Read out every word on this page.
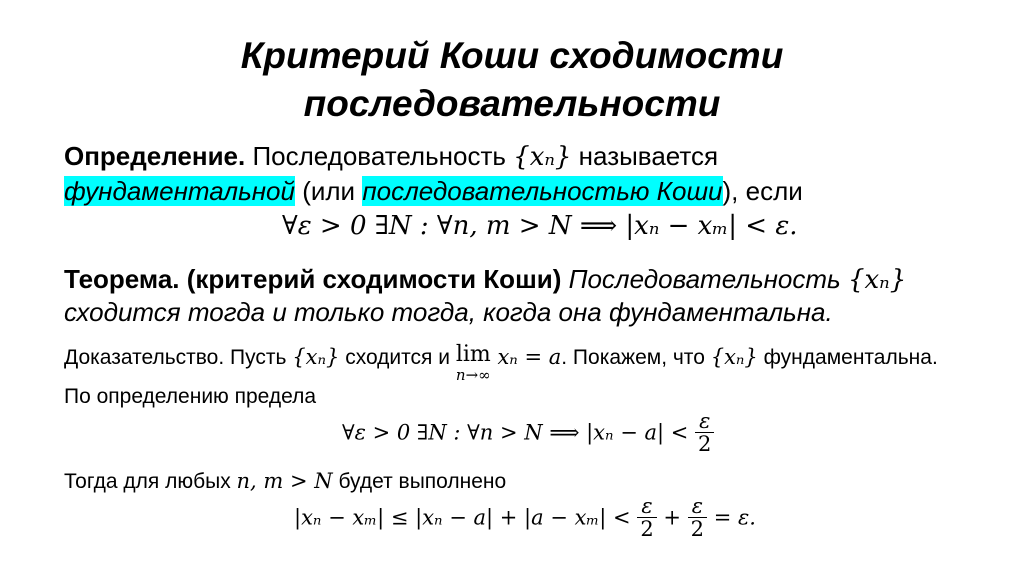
Критерий Коши сходимости
последовательности
Определение. Последовательность {xₙ} называется
фундаментальной (или последовательностью Коши), если
∀ε > 0 ∃N : ∀n, m > N ⟹ |xₙ − xₘ| < ε.
Теорема. (критерий сходимости Коши) Последовательность {xₙ}
сходится тогда и только тогда, когда она фундаментальна.
Доказательство. Пусть {xₙ} сходится и lim
n→∞
xₙ = a. Покажем, что {xₙ} фундаментальна.
По определению предела
∀ε > 0 ∃N : ∀n > N ⟹ $|x_n - a| < \frac{\varepsilon}{2}$
Тогда для любых n, m > N будет выполнено
$|x_n - x_m| \le |x_n - a| + |a - x_m| < \frac{\varepsilon}{2} + \frac{\varepsilon}{2} = \varepsilon$.
